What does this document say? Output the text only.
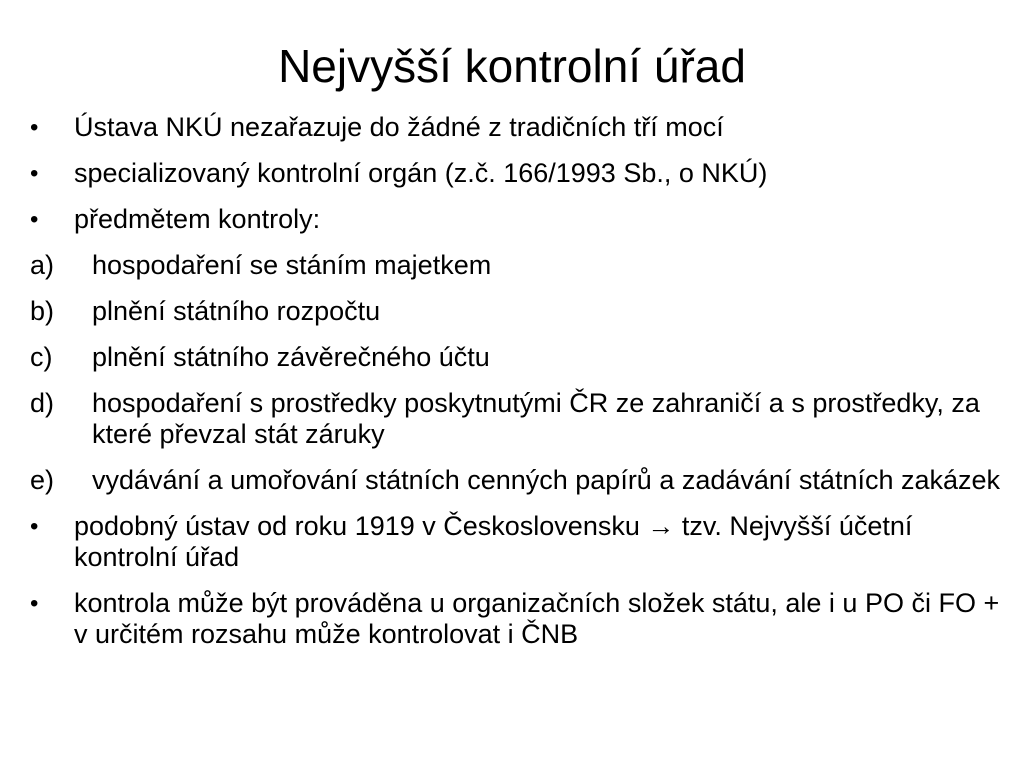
Nejvyšší kontrolní úřad
• Ústava NKÚ nezařazuje do žádné z tradičních tří mocí
• specializovaný kontrolní orgán (z.č. 166/1993 Sb., o NKÚ)
• předmětem kontroly:
a) hospodaření se stáním majetkem
b) plnění státního rozpočtu
c) plnění státního závěrečného účtu
d) hospodaření s prostředky poskytnutými ČR ze zahraničí a s prostředky, za které převzal stát záruky
e) vydávání a umořování státních cenných papírů a zadávání státních zakázek
• podobný ústav od roku 1919 v Československu → tzv. Nejvyšší účetní kontrolní úřad
• kontrola může být prováděna u organizačních složek státu, ale i u PO či FO + v určitém rozsahu může kontrolovat i ČNB
